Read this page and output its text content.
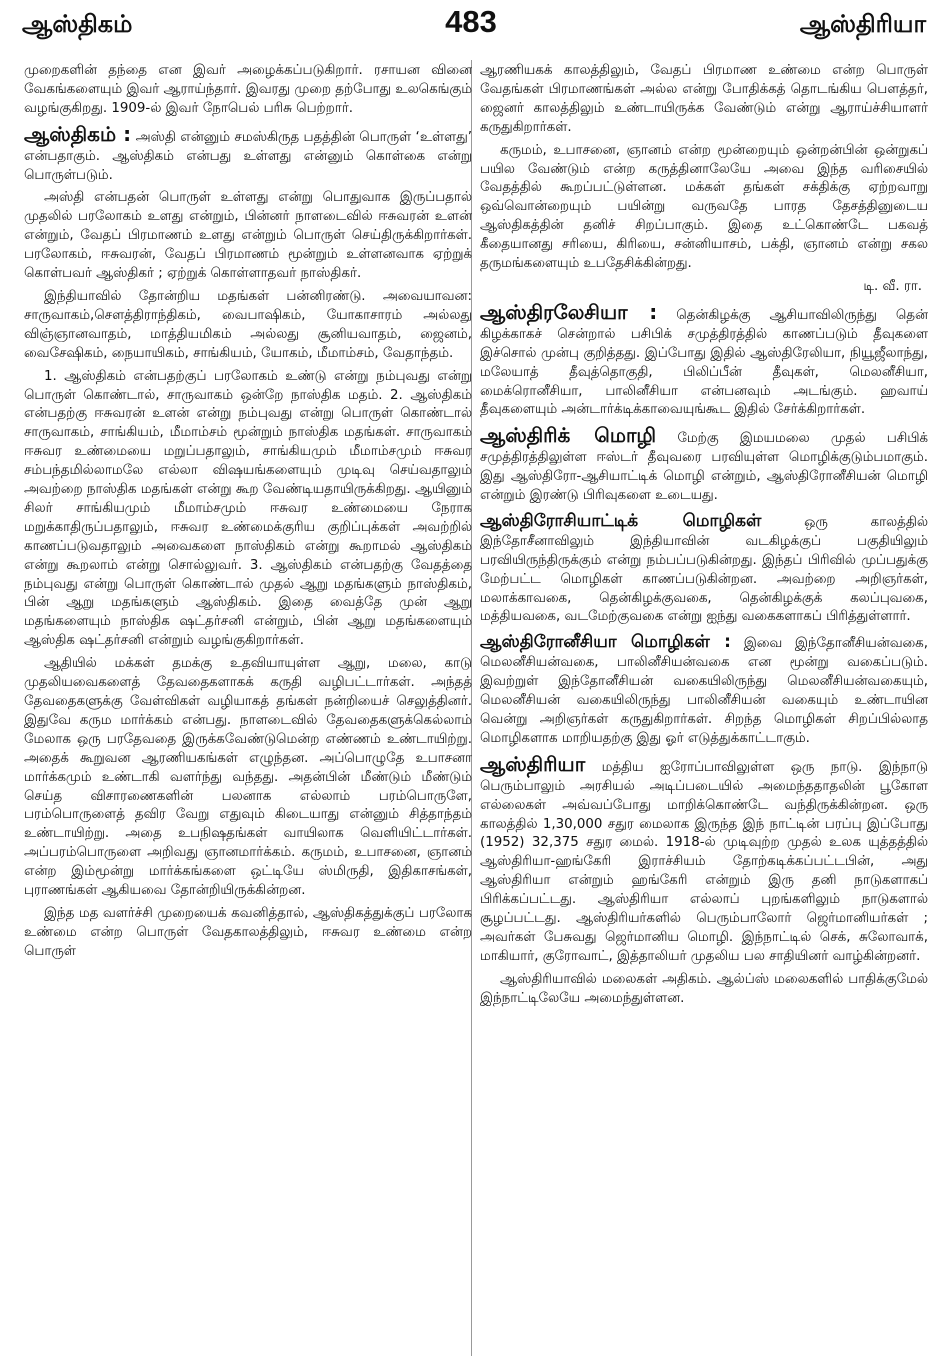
ஆஸ்திகம்	483	ஆஸ்திரியா

முறைகளின் தந்தை என இவர் அழைக்கப்படுகிறார். ரசாயன வினை வேகங்களையும் இவர் ஆராய்ந்தார். இவரது முறை தற்போது உலகெங்கும் வழங்குகிறது. 1909-ல் இவர் நோபெல் பரிசு பெற்றார்.

ஆஸ்திகம் : அஸ்தி என்னும் சமஸ்கிருத பதத்தின் பொருள் ‘உள்ளது’ என்பதாகும். ஆஸ்திகம் என்பது உள்ளது என்னும் கொள்கை என்று பொருள்படும்.

அஸ்தி என்பதன் பொருள் உள்ளது என்று பொதுவாக இருப்பதால் முதலில் பரலோகம் உளது என்றும், பின்னர் நாளடைவில் ஈசுவரன் உளன் என்றும், வேதப் பிரமாணம் உளது என்றும் பொருள் செய்திருக்கிறார்கள். பரலோகம், ஈசுவரன், வேதப் பிரமாணம் மூன்றும் உள்ளனவாக ஏற்றுக் கொள்பவர் ஆஸ்திகர் ; ஏற்றுக் கொள்ளாதவர் நாஸ்திகர்.

இந்தியாவில் தோன்றிய மதங்கள் பன்னிரண்டு. அவையாவன: சாருவாகம்,சௌத்திராந்திகம், வைபாஷிகம், யோகாசாரம் அல்லது விஞ்ஞானவாதம், மாத்தியமிகம் அல்லது சூனியவாதம், ஜைனம், வைசேஷிகம், நையாயிகம், சாங்கியம், யோகம், மீமாம்சம், வேதாந்தம்.

1. ஆஸ்திகம் என்பதற்குப் பரலோகம் உண்டு என்று நம்புவது என்று பொருள் கொண்டால், சாருவாகம் ஒன்றே நாஸ்திக மதம். 2. ஆஸ்திகம் என்பதற்கு ஈசுவரன் உளன் என்று நம்புவது என்று பொருள் கொண்டால் சாருவாகம், சாங்கியம், மீமாம்சம் மூன்றும் நாஸ்திக மதங்கள். சாருவாகம் ஈசுவர உண்மையை மறுப்பதாலும், சாங்கியமும் மீமாம்சமும் ஈசுவர சம்பந்தமில்லாமலே எல்லா விஷயங்களையும் முடிவு செய்வதாலும் அவற்றை நாஸ்திக மதங்கள் என்று கூற வேண்டியதாயிருக்கிறது. ஆயினும் சிலர் சாங்கியமும் மீமாம்சமும் ஈசுவர உண்மையை நேராக மறுக்காதிருப்பதாலும், ஈசுவர உண்மைக்குரிய குறிப்புக்கள் அவற்றில் காணப்படுவதாலும் அவைகளை நாஸ்திகம் என்று கூறாமல் ஆஸ்திகம் என்று கூறலாம் என்று சொல்லுவர். 3. ஆஸ்திகம் என்பதற்கு வேதத்தை நம்புவது என்று பொருள் கொண்டால் முதல் ஆறு மதங்களும் நாஸ்திகம், பின் ஆறு மதங்களும் ஆஸ்திகம். இதை வைத்தே முன் ஆறு மதங்களையும் நாஸ்திக ஷட்தர்சனி என்றும், பின் ஆறு மதங்களையும் ஆஸ்திக ஷட்தர்சனி என்றும் வழங்குகிறார்கள்.

ஆதியில் மக்கள் தமக்கு உதவியாயுள்ள ஆறு, மலை, காடு முதலியவைகளைத் தேவதைகளாகக் கருதி வழிபட்டார்கள். அந்தத் தேவதைகளுக்கு வேள்விகள் வழியாகத் தங்கள் நன்றியைச் செலுத்தினர். இதுவே கரும மார்க்கம் என்பது. நாளடைவில் தேவதைகளுக்கெல்லாம் மேலாக ஒரு பரதேவதை இருக்கவேண்டுமென்ற எண்ணம் உண்டாயிற்று. அதைக் கூறுவன ஆரணியகங்கள் எழுந்தன. அப்பொழுதே உபாசனா மார்க்கமும் உண்டாகி வளர்ந்து வந்தது. அதன்பின் மீண்டும் மீண்டும் செய்த விசாரணைகளின் பலனாக எல்லாம் பரம்பொருளே, பரம்பொருளைத் தவிர வேறு எதுவும் கிடையாது என்னும் சித்தாந்தம் உண்டாயிற்று. அதை உபநிஷதங்கள் வாயிலாக வெளியிட்டார்கள். அப்பரம்பொருளை அறிவது ஞானமார்க்கம். கருமம், உபாசனை, ஞானம் என்ற இம்மூன்று மார்க்கங்களை ஒட்டியே ஸ்மிருதி, இதிகாசங்கள், புராணங்கள் ஆகியவை தோன்றியிருக்கின்றன.

இந்த மத வளர்ச்சி முறையைக் கவனித்தால், ஆஸ்திகத்துக்குப் பரலோக உண்மை என்ற பொருள் வேதகாலத்திலும், ஈசுவர உண்மை என்ற பொருள்

ஆரணியகக் காலத்திலும், வேதப் பிரமாண உண்மை என்ற பொருள் வேதங்கள் பிரமாணங்கள் அல்ல என்று போதிக்கத் தொடங்கிய பௌத்தர், ஜைனர் காலத்திலும் உண்டாயிருக்க வேண்டும் என்று ஆராய்ச்சியாளர் கருதுகிறார்கள்.

கருமம், உபாசனை, ஞானம் என்ற மூன்றையும் ஒன்றன்பின் ஒன்றுகப் பயில வேண்டும் என்ற கருத்தினாலேயே அவை இந்த வரிசையில் வேதத்தில் கூறப்பட்டுள்ளன. மக்கள் தங்கள் சக்திக்கு ஏற்றவாறு ஒவ்வொன்றையும் பயின்று வருவதே பாரத தேசத்தினுடைய ஆஸ்திகத்தின் தனிச் சிறப்பாகும். இதை உட்கொண்டே பகவத் கீதையானது சரியை, கிரியை, சன்னியாசம், பக்தி, ஞானம் என்று சகல தருமங்களையும் உபதேசிக்கின்றது.

டி. வீ. ரா.

ஆஸ்திரலேசியா : தென்கிழக்கு ஆசியாவிலிருந்து தென் கிழக்காகச் சென்றால் பசிபிக் சமுத்திரத்தில் காணப்படும் தீவுகளை இச்சொல் முன்பு குறித்தது. இப்போது இதில் ஆஸ்திரேலியா, நியூஜீலாந்து, மலேயாத் தீவுத்தொகுதி, பிலிப்பீன் தீவுகள், மெலனீசியா, மைக்ரொனீசியா, பாலினீசியா என்பனவும் அடங்கும். ஹவாய் தீவுகளையும் அன்டார்க்டிக்காவையுங்கூட இதில் சேர்க்கிறார்கள்.

ஆஸ்திரிக் மொழி மேற்கு இமயமலை முதல் பசிபிக் சமுத்திரத்திலுள்ள ஈஸ்டர் தீவுவரை பரவியுள்ள மொழிக்குடும்பமாகும். இது ஆஸ்திரோ-ஆசியாட்டிக் மொழி என்றும், ஆஸ்திரோனீசியன் மொழி என்றும் இரண்டு பிரிவுகளை உடையது.

ஆஸ்திரோசியாட்டிக் மொழிகள்	ஒரு காலத்தில் இந்தோசீனாவிலும் இந்தியாவின் வடகிழக்குப் பகுதியிலும் பரவியிருந்திருக்கும் என்று நம்பப்படுகின்றது. இந்தப் பிரிவில் முப்பதுக்கு மேற்பட்ட மொழிகள் காணப்படுகின்றன. அவற்றை அறிஞர்கள், மலாக்காவகை, தென்கிழக்குவகை, தென்கிழக்குக் கலப்புவகை, மத்தியவகை, வடமேற்குவகை என்று ஐந்து வகைகளாகப் பிரித்துள்ளார்.

ஆஸ்திரோனீசியா மொழிகள் : இவை இந்தோனீசியன்வகை, மெலனீசியன்வகை, பாலினீசியன்வகை என மூன்று வகைப்படும். இவற்றுள் இந்தோனீசியன் வகையிலிருந்து மெலனீசியன்வகையும், மெலனீசியன் வகையிலிருந்து பாலினீசியன் வகையும் உண்டாயின வென்று அறிஞர்கள் கருதுகிறார்கள். சிறந்த மொழிகள் சிறப்பில்லாத மொழிகளாக மாறியதற்கு இது ஓர் எடுத்துக்காட்டாகும்.

ஆஸ்திரியா மத்திய ஐரோப்பாவிலுள்ள ஒரு நாடு. இந்நாடு பெரும்பாலும் அரசியல் அடிப்படையில் அமைந்ததாதலின் பூகோள எல்லைகள் அவ்வப்போது மாறிக்கொண்டே வந்திருக்கின்றன. ஒரு காலத்தில் 1,30,000 சதுர மைலாக இருந்த இந் நாட்டின் பரப்பு இப்போது (1952) 32,375 சதுர மைல். 1918-ல் முடிவுற்ற முதல் உலக யுத்தத்தில் ஆஸ்திரியா-ஹங்கேரி இராச்சியம் தோற்கடிக்கப்பட்டபின், அது ஆஸ்திரியா என்றும் ஹங்கேரி என்றும் இரு தனி நாடுகளாகப் பிரிக்கப்பட்டது. ஆஸ்திரியா எல்லாப் புறங்களிலும் நாடுகளால் சூழப்பட்டது. ஆஸ்திரியர்களில் பெரும்பாலோர் ஜெர்மானியர்கள் ; அவர்கள் பேசுவது ஜெர்மானிய மொழி. இந்நாட்டில் செக், சுலோவாக், மாகியார், குரோவாட், இத்தாலியர் முதலிய பல சாதியினர் வாழ்கின்றனர்.

ஆஸ்திரியாவில் மலைகள் அதிகம். ஆல்ப்ஸ் மலைகளில் பாதிக்குமேல் இந்நாட்டிலேயே அமைந்துள்ளன.
